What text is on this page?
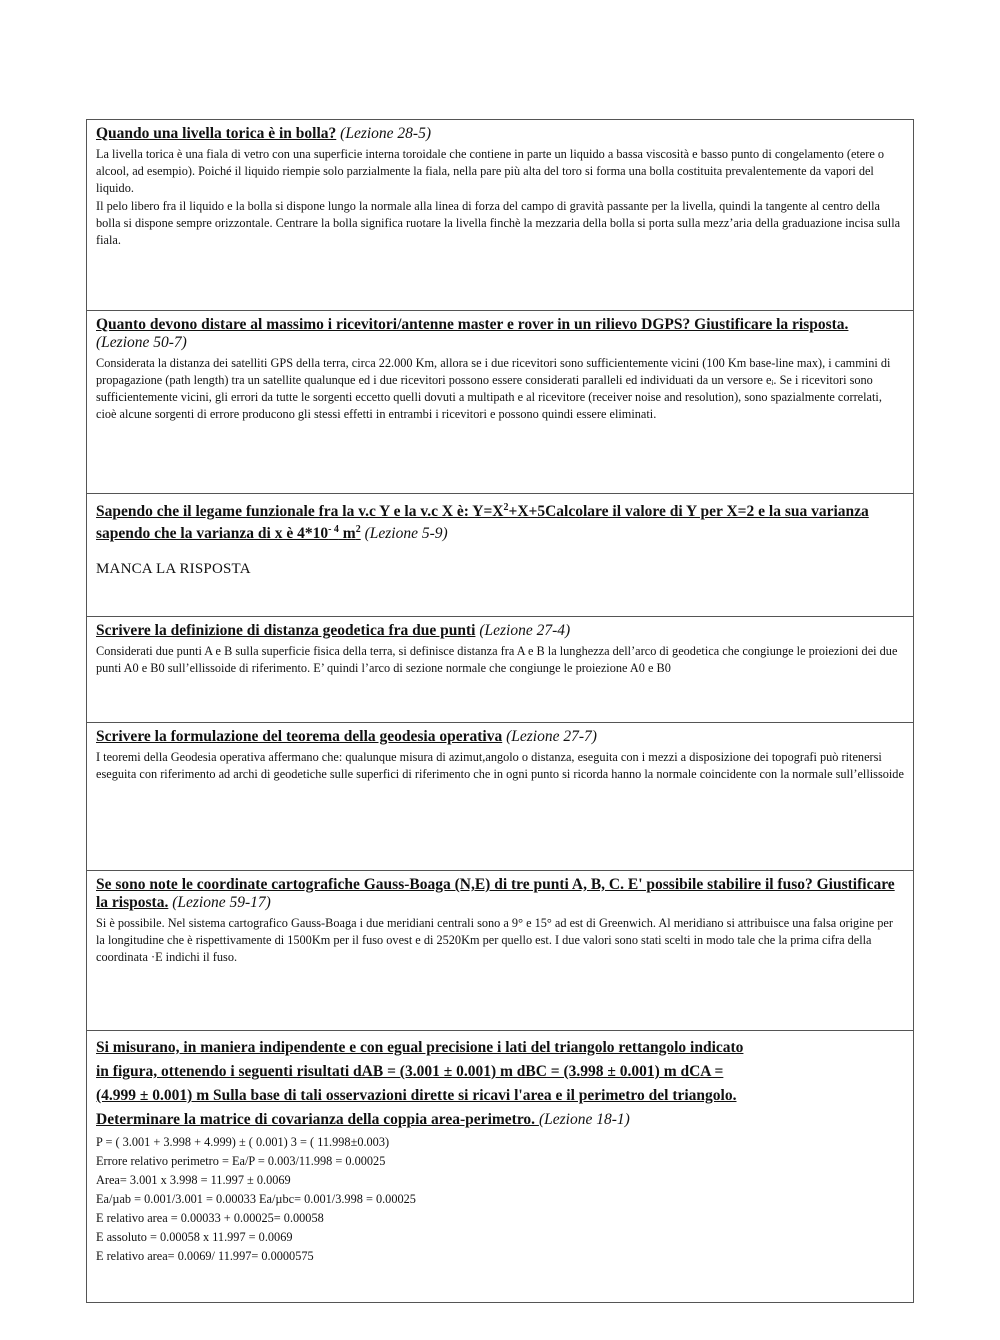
Quando una livella torica è in bolla? (Lezione 28-5)

La livella torica è una fiala di vetro con una superficie interna toroidale che contiene in parte un liquido a bassa viscosità e basso punto di congelamento (etere o alcool, ad esempio). Poiché il liquido riempie solo parzialmente la fiala, nella pare più alta del toro si forma una bolla costituita prevalentemente da vapori del liquido.

Il pelo libero fra il liquido e la bolla si dispone lungo la normale alla linea di forza del campo di gravità passante per la livella, quindi la tangente al centro della bolla si dispone sempre orizzontale. Centrare la bolla significa ruotare la livella finchè la mezzaria della bolla si porta sulla mezz’aria della graduazione incisa sulla fiala.

Quanto devono distare al massimo i ricevitori/antenne master e rover in un rilievo DGPS? Giustificare la risposta. (Lezione 50-7)

Considerata la distanza dei satelliti GPS della terra, circa 22.000 Km, allora se i due ricevitori sono sufficientemente vicini (100 Km base-line max), i cammini di propagazione (path length) tra un satellite qualunque ed i due ricevitori possono essere considerati paralleli ed individuati da un versore eᵢ. Se i ricevitori sono sufficientemente vicini, gli errori da tutte le sorgenti eccetto quelli dovuti a multipath e al ricevitore (receiver noise and resolution), sono spazialmente correlati, cioè alcune sorgenti di errore producono gli stessi effetti in entrambi i ricevitori e possono quindi essere eliminati.

Sapendo che il legame funzionale fra la v.c Y e la v.c X è: $Y=X^2+X+5Calcolare$ il valore di Y per X=2 e la sua varianza sapendo che la varianza di x è $4*10^{- 4}$ $m^2$ (Lezione 5-9)

MANCA LA RISPOSTA

Scrivere la definizione di distanza geodetica fra due punti (Lezione 27-4)

Considerati due punti A e B sulla superficie fisica della terra, si definisce distanza fra A e B la lunghezza dell’arco di geodetica che congiunge le proiezioni dei due punti A0 e B0 sull’ellissoide di riferimento. E’ quindi l’arco di sezione normale che congiunge le proiezione A0 e B0

Scrivere la formulazione del teorema della geodesia operativa (Lezione 27-7)

I teoremi della Geodesia operativa affermano che: qualunque misura di azimut,angolo o distanza, eseguita con i mezzi a disposizione dei topografi può ritenersi eseguita con riferimento ad archi di geodetiche sulle superfici di riferimento che in ogni punto si ricorda hanno la normale coincidente con la normale sull’ellissoide

Se sono note le coordinate cartografiche Gauss-Boaga (N,E) di tre punti A, B, C. E' possibile stabilire il fuso? Giustificare la risposta. (Lezione 59-17)

Si è possibile. Nel sistema cartografico Gauss-Boaga i due meridiani centrali sono a 9° e 15° ad est di Greenwich. Al meridiano si attribuisce una falsa origine per la longitudine che è rispettivamente di 1500Km per il fuso ovest e di 2520Km per quello est. I due valori sono stati scelti in modo tale che la prima cifra della coordinata ·E indichi il fuso.

Si misurano, in maniera indipendente e con egual precisione i lati del triangolo rettangolo indicato
in figura, ottenendo i seguenti risultati dAB = (3.001 ± 0.001) m dBC = (3.998 ± 0.001) m dCA =
(4.999 ± 0.001) m Sulla base di tali osservazioni dirette si ricavi l'area e il perimetro del triangolo.
Determinare la matrice di covarianza della coppia area-perimetro. (Lezione 18-1)

P = ( 3.001 + 3.998 + 4.999) ± ( 0.001) 3 = ( 11.998±0.003)

Errore relativo perimetro = Ea/P = 0.003/11.998 = 0.00025

Area= 3.001 x 3.998 = 11.997 ± 0.0069

Ea/µab = 0.001/3.001 = 0.00033 Ea/µbc= 0.001/3.998 = 0.00025

E relativo area = 0.00033 + 0.00025= 0.00058

E assoluto = 0.00058 x 11.997 = 0.0069

E relativo area= 0.0069/ 11.997= 0.0000575
